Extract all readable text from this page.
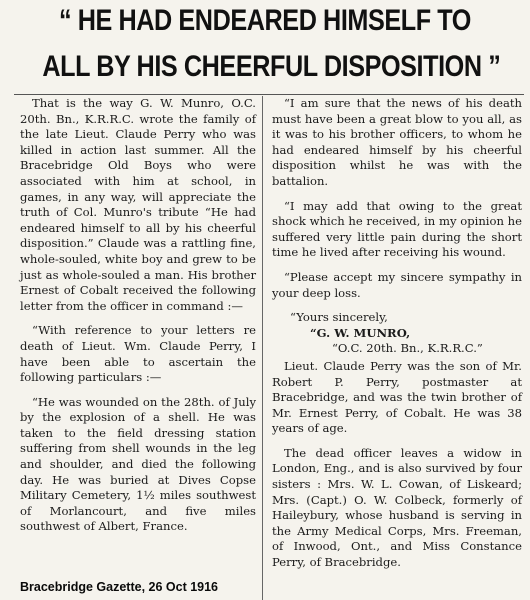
“ HE HAD ENDEARED HIMSELF TO
ALL BY HIS CHEERFUL DISPOSITION ”

That is the way G. W. Munro, O.C. 20th. Bn., K.R.R.C. wrote the family of the late Lieut. Claude Perry who was killed in action last summer. All the Bracebridge Old Boys who were associated with him at school, in games, in any way, will appreciate the truth of Col. Munro's tribute “He had endeared himself to all by his cheerful disposition.” Claude was a rattling fine, whole-souled, white boy and grew to be just as whole-souled a man. His brother Ernest of Cobalt received the following letter from the officer in command :—

“With reference to your letters re death of Lieut. Wm. Claude Perry, I have been able to ascertain the following particulars :—

“He was wounded on the 28th. of July by the explosion of a shell. He was taken to the field dressing station suffering from shell wounds in the leg and shoulder, and died the following day. He was buried at Dives Copse Military Cemetery, 1½ miles southwest of Morlancourt, and five miles southwest of Albert, France.

“I am sure that the news of his death must have been a great blow to you all, as it was to his brother officers, to whom he had endeared himself by his cheerful disposition whilst he was with the battalion.

“I may add that owing to the great shock which he received, in my opinion he suffered very little pain during the short time he lived after receiving his wound.

“Please accept my sincere sympathy in your deep loss.

“Yours sincerely,

“G. W. MUNRO,

“O.C. 20th. Bn., K.R.R.C.”

Lieut. Claude Perry was the son of Mr. Robert P. Perry, postmaster at Bracebridge, and was the twin brother of Mr. Ernest Perry, of Cobalt. He was 38 years of age.

The dead officer leaves a widow in London, Eng., and is also survived by four sisters : Mrs. W. L. Cowan, of Liskeard; Mrs. (Capt.) O. W. Colbeck, formerly of Haileybury, whose husband is serving in the Army Medical Corps, Mrs. Freeman, of Inwood, Ont., and Miss Constance Perry, of Bracebridge.

Bracebridge Gazette, 26 Oct 1916
